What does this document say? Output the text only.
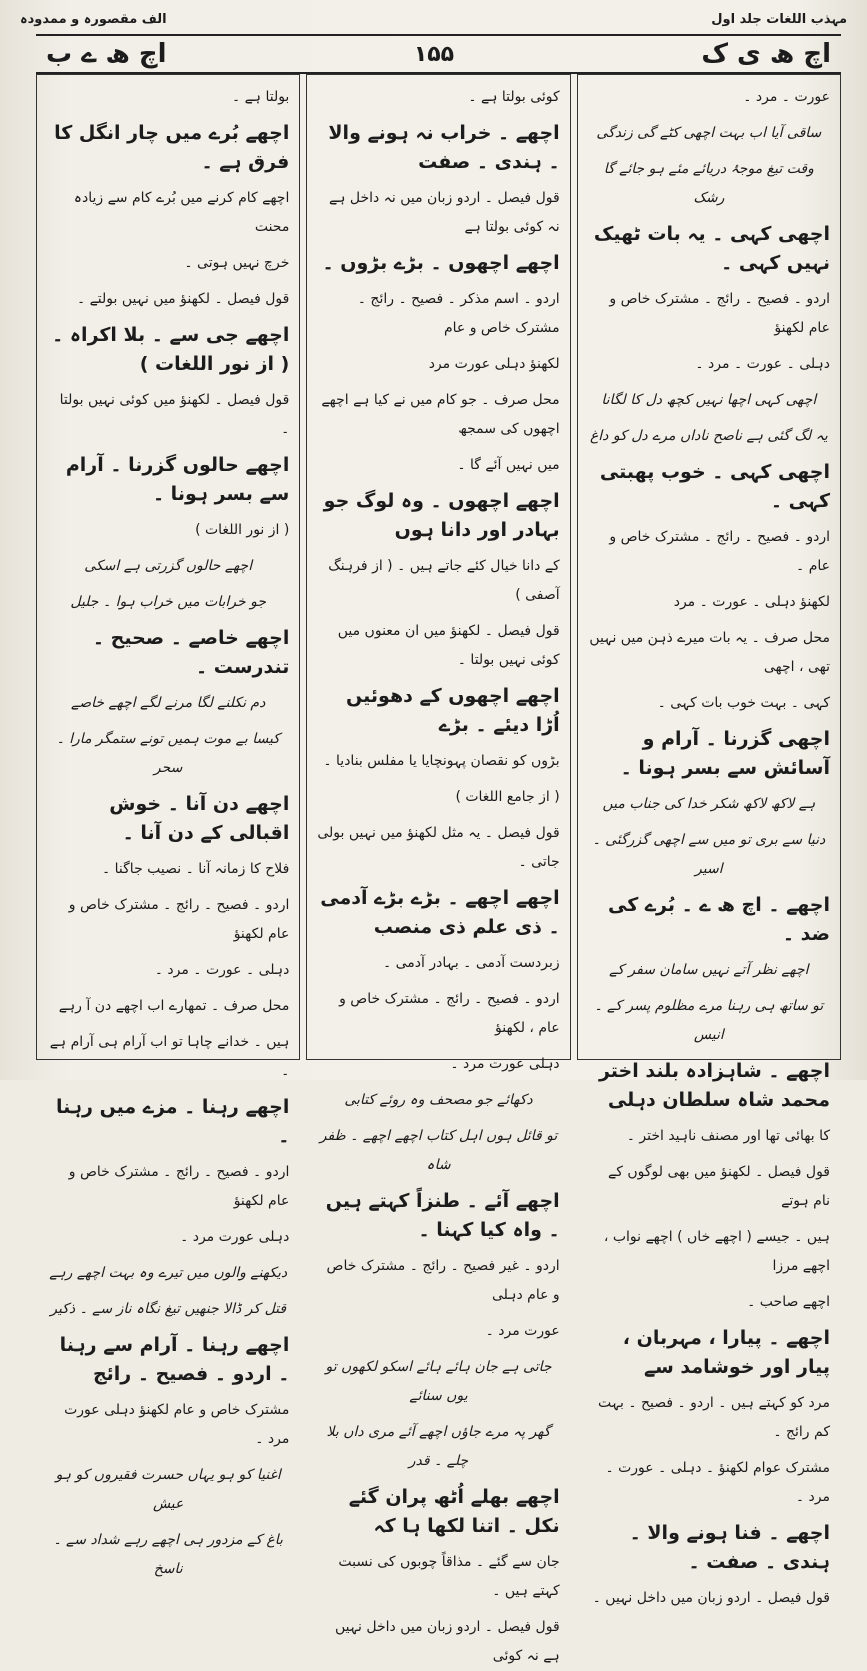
مہذب اللغات جلد اول
الف مقصورہ و ممدودہ
اچ ھ ی ک
۱۵۵
اچ ھ ے ب

عورت ۔ مرد ۔

ساقی آیا اب بہت اچھی کٹے گی زندگی

وقت تیغ موجۂ دریائے مئے ہو جائے گا رشک

اچھی کہی ۔ یہ بات ٹھیک نہیں کہی ۔

اردو ۔ فصیح ۔ رائج ۔ مشترک خاص و عام لکھنؤ

دہلی ۔ عورت ۔ مرد ۔

اچھی کہی اچھا نہیں کچھ دل کا لگانا

یہ لگ گئی ہے ناصح ناداں مرے دل کو داغ

اچھی کہی ۔ خوب پھبتی کہی ۔

اردو ۔ فصیح ۔ رائج ۔ مشترک خاص و عام ۔

لکھنؤ دہلی ۔ عورت ۔ مرد

محل صرف ۔ یہ بات میرے ذہن میں نہیں تھی ، اچھی

کہی ۔ بہت خوب بات کہی ۔

اچھی گزرنا ۔ آرام و آسائش سے بسر ہونا ۔

ہے لاکھ لاکھ شکر خدا کی جناب میں

دنیا سے بری تو میں سے اچھی گزرگئی ۔ اسیر

اچھے ۔ اچ ھ ے ۔ بُرے کی ضد ۔

اچھے نظر آتے نہیں سامان سفر کے

تو ساتھ ہی رہنا مرے مظلوم پسر کے ۔ انیس

اچھے ۔ شاہزادہ بلند اختر محمد شاہ سلطان دہلی

کا بھائی تھا اور مصنف ناہید اختر ۔

قول فیصل ۔ لکھنؤ میں بھی لوگوں کے نام ہوتے

ہیں ۔ جیسے ( اچھے خاں ) اچھے نواب ، اچھے مرزا

اچھے صاحب ۔

اچھے ۔ پیارا ، مہربان ، پیار اور خوشامد سے

مرد کو کہتے ہیں ۔ اردو ۔ فصیح ۔ بہت کم رائج ۔

مشترک عوام لکھنؤ ۔ دہلی ۔ عورت ۔ مرد ۔

اچھے ۔ فنا ہونے والا ۔ ہندی ۔ صفت ۔

قول فیصل ۔ اردو زبان میں داخل نہیں ۔

کوئی بولتا ہے ۔

اچھے ۔ خراب نہ ہونے والا ۔ ہندی ۔ صفت

قول فیصل ۔ اردو زبان میں نہ داخل ہے نہ کوئی بولتا ہے

اچھے اچھوں ۔ بڑے بڑوں ۔

اردو ۔ اسم مذکر ۔ فصیح ۔ رائج ۔ مشترک خاص و عام

لکھنؤ دہلی عورت مرد

محل صرف ۔ جو کام میں نے کیا ہے اچھے اچھوں کی سمجھ

میں نہیں آئے گا ۔

اچھے اچھوں ۔ وہ لوگ جو بہادر اور دانا ہوں

کے دانا خیال کئے جاتے ہیں ۔ ( از فرہنگ آصفی )

قول فیصل ۔ لکھنؤ میں ان معنوں میں کوئی نہیں بولتا ۔

اچھے اچھوں کے دھوئیں اُڑا دیئے ۔ بڑے

بڑوں کو نقصان پہونچایا یا مفلس بنادیا ۔

( از جامع اللغات )

قول فیصل ۔ یہ مثل لکھنؤ میں نہیں بولی جاتی ۔

اچھے اچھے ۔ بڑے بڑے آدمی ۔ ذی علم ذی منصب

زبردست آدمی ۔ بہادر آدمی ۔

اردو ۔ فصیح ۔ رائج ۔ مشترک خاص و عام ، لکھنؤ

دہلی عورت مرد ۔

دکھائے جو مصحف وہ روئے کتابی

تو قائل ہوں اہل کتاب اچھے اچھے ۔ ظفر شاہ

اچھے آئے ۔ طنزاً کہتے ہیں ۔ واہ کیا کہنا ۔

اردو ۔ غیر فصیح ۔ رائج ۔ مشترک خاص و عام دہلی

عورت مرد ۔

جاتی ہے جان ہائے ہائے اسکو لکھوں تو یوں سنائے

گھر پہ مرے جاؤں اچھے آئے مری داں بلا چلے ۔ قدر

اچھے بھلے اُٹھ پران گئے نکل ۔ اتنا لکھا ہا کہ

جان سے گئے ۔ مذاقاً چوبوں کی نسبت کہتے ہیں ۔

قول فیصل ۔ اردو زبان میں داخل نہیں ہے نہ کوئی

بولتا ہے ۔

اچھے بُرے میں چار انگل کا فرق ہے ۔

اچھے کام کرنے میں بُرے کام سے زیادہ محنت

خرچ نہیں ہوتی ۔

قول فیصل ۔ لکھنؤ میں نہیں بولتے ۔

اچھے جی سے ۔ بلا اکراہ ۔ ( از نور اللغات )

قول فیصل ۔ لکھنؤ میں کوئی نہیں بولتا ۔

اچھے حالوں گزرنا ۔ آرام سے بسر ہونا ۔

( از نور اللغات )

اچھے حالوں گزرتی ہے اسکی

جو خرابات میں خراب ہوا ۔ جلیل

اچھے خاصے ۔ صحیح ۔ تندرست ۔

دم نکلنے لگا مرنے لگے اچھے خاصے

کیسا بے موت ہمیں تونے ستمگر مارا ۔ سحر

اچھے دن آنا ۔ خوش اقبالی کے دن آنا ۔

فلاح کا زمانہ آنا ۔ نصیب جاگنا ۔

اردو ۔ فصیح ۔ رائج ۔ مشترک خاص و عام لکھنؤ

دہلی ۔ عورت ۔ مرد ۔

محل صرف ۔ تمھارے اب اچھے دن آ رہے

ہیں ۔ خدانے چاہا تو اب آرام ہی آرام ہے ۔

اچھے رہنا ۔ مزے میں رہنا ۔

اردو ۔ فصیح ۔ رائج ۔ مشترک خاص و عام لکھنؤ

دہلی عورت مرد ۔

دیکھنے والوں میں تیرے وہ بہت اچھے رہے

قتل کر ڈالا جنھیں تیغ نگاہ ناز سے ۔ ذکیر

اچھے رہنا ۔ آرام سے رہنا ۔ اردو ۔ فصیح ۔ رائج

مشترک خاص و عام لکھنؤ دہلی عورت مرد ۔

اغنیا کو ہو یہاں حسرت فقیروں کو ہو عیش

باغ کے مزدور ہی اچھے رہے شداد سے ۔ ناسخ
